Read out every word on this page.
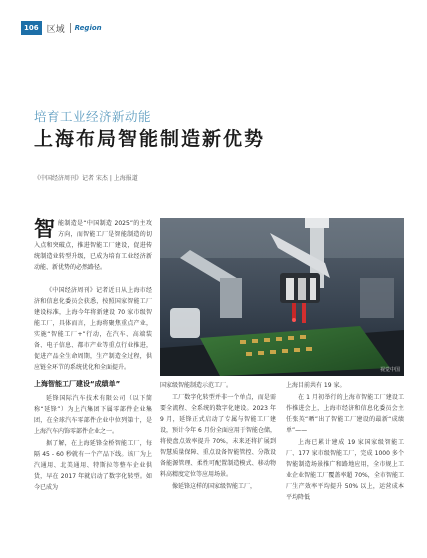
106 区域 Region
培育工业经济新动能
上海布局智能制造新优势
《中国经济周刊》记者 宋杰 | 上海报道
智 能制造是“中国制造 2025”的主攻方向，而智能工厂是智能制造的切入点和突破点，推进智能工厂建设，促进传统制造业转型升级，已成为培育工业经济新动能、新优势的必然路径。

《中国经济周刊》记者近日从上海市经济和信息化委员会获悉，按照国家智能工厂建设标准，上海今年将新建设 70 家市级智能工厂，具体而言，上海将聚焦重点产业，实施“智能工厂+”行动，在汽车、高端装备、电子信息、都市产业等重点行业推进，促进产品全生命周期，生产制造全过程，供应链全环节的系统优化和全面提升。

上海智能工厂建设“成绩单”

延锋国际汽车技术有限公司（以下简称“延锋”）为上汽集团下属零部件企业集团，在全球汽车零部件企业中位列第十，是上海汽车内饰零部件企业之一。

据了解，在上海延锋金桥智能工厂，每隔 45 - 60 秒就有一个产品下线。该厂为上汽通用、北美通用、特斯拉等整车企业供货，早在 2017 年就启动了数字化转型。如今已成为

视觉中国

国家级智能制造示范工厂。

工厂数字化转型并非一个单点，而是需要全流程、全系统的数字化建设。2023 年 9 月，延锋正式启动了专属与智能工厂建设，预计今年 6 月份全面应用于智能仓储，将使盘点效率提升 70%，未来还将扩展到智慧质量保障、重点设备智能管控、分散设备能源管理、柔性可配置制造模式、移动物料高精度定位等应用场景。

像延锋这样的国家级智能工厂，

上海目前共有 19 家。

在 1 月初举行的上海市智能工厂建设工作推进会上，上海市经济和信息化委员会主任张英“晒”出了智能工厂建设的最新“成绩单”——

上海已累计建成 19 家国家级智能工厂、177 家市级智能工厂，完成 1000 多个智能制造场景推广和路地应用，全市规上工业企业智能工厂覆盖率超 70%，全市智能工厂生产效率平均提升 50% 以上，运营成本平均降低
